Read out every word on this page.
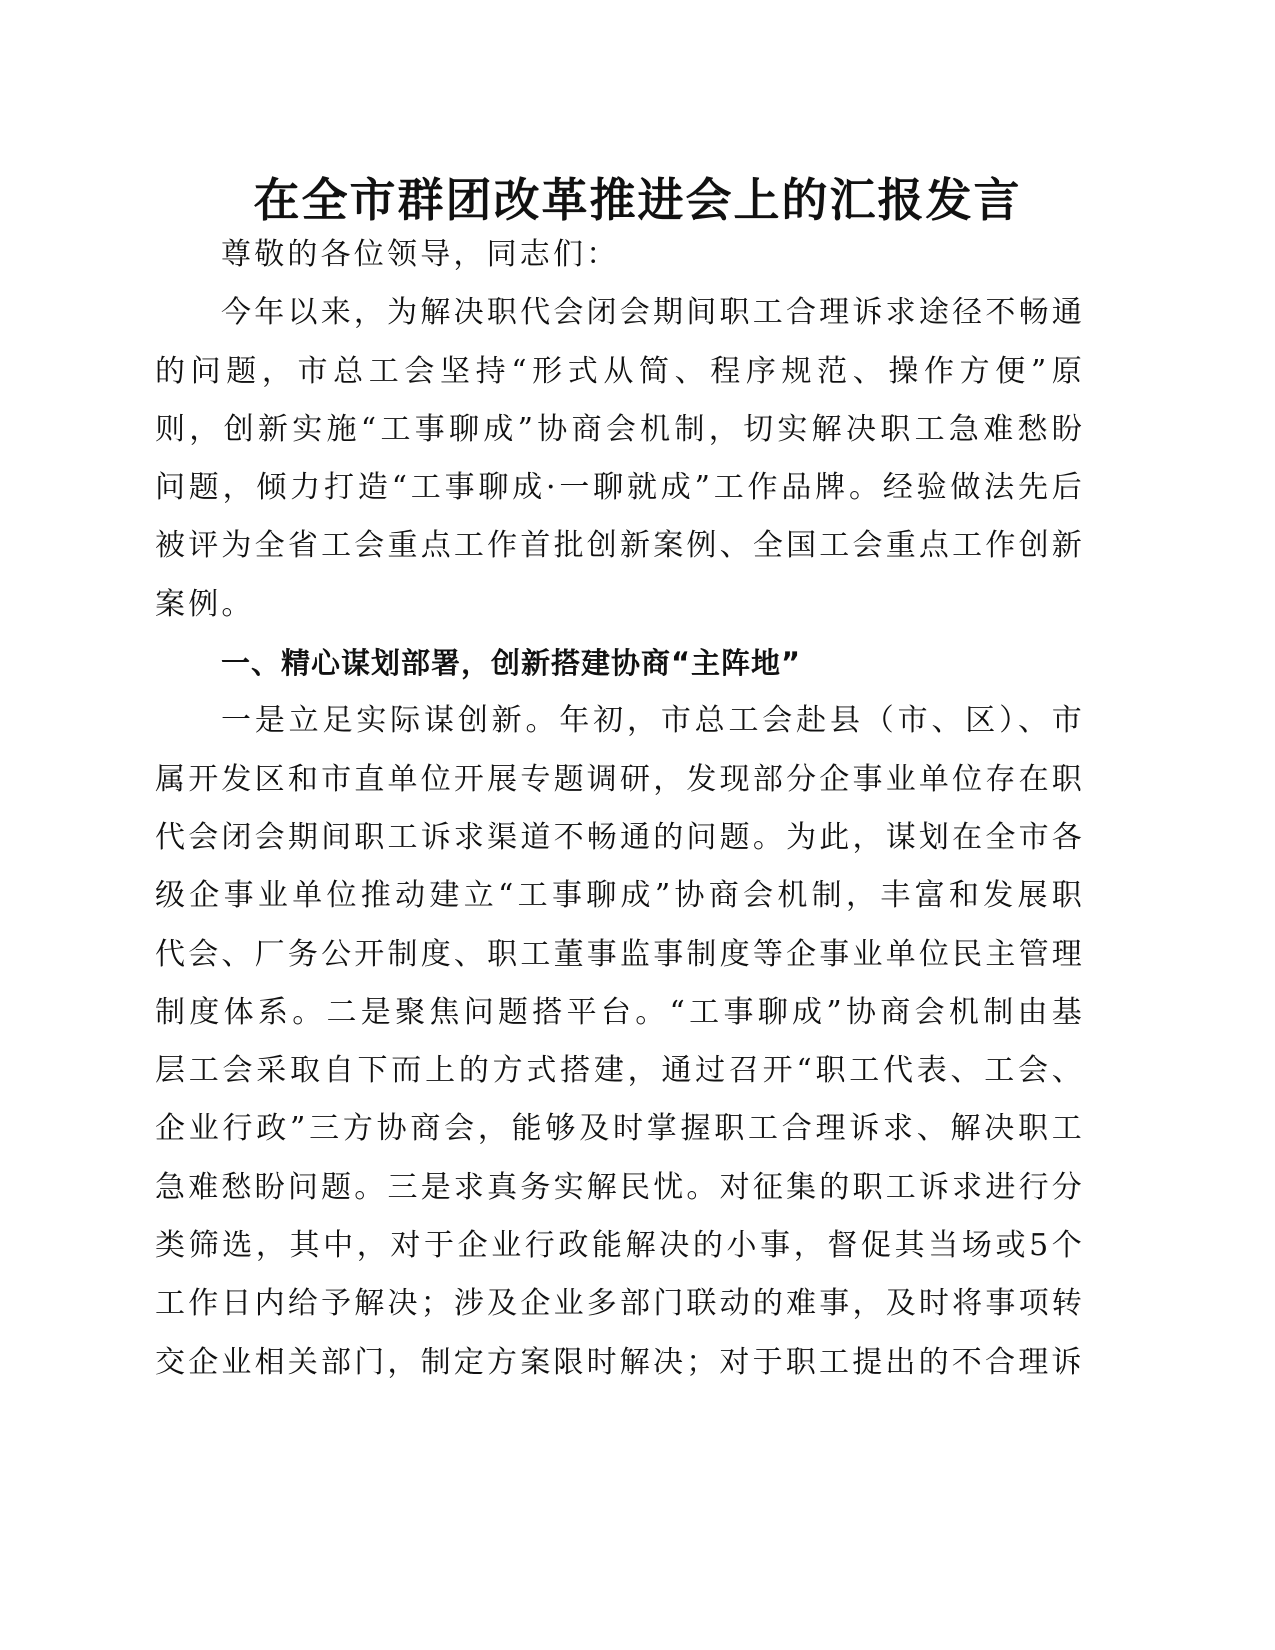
在全市群团改革推进会上的汇报发言

尊敬的各位领导，同志们：

今年以来，为解决职代会闭会期间职工合理诉求途径不畅通的问题，市总工会坚持“形式从简、程序规范、操作方便”原则，创新实施“工事聊成”协商会机制，切实解决职工急难愁盼问题，倾力打造“工事聊成·一聊就成”工作品牌。经验做法先后被评为全省工会重点工作首批创新案例、全国工会重点工作创新案例。

一、精心谋划部署，创新搭建协商“主阵地”

一是立足实际谋创新。年初，市总工会赴县（市、区）、市属开发区和市直单位开展专题调研，发现部分企事业单位存在职代会闭会期间职工诉求渠道不畅通的问题。为此，谋划在全市各级企事业单位推动建立“工事聊成”协商会机制，丰富和发展职代会、厂务公开制度、职工董事监事制度等企事业单位民主管理制度体系。二是聚焦问题搭平台。“工事聊成”协商会机制由基层工会采取自下而上的方式搭建，通过召开“职工代表、工会、企业行政”三方协商会，能够及时掌握职工合理诉求、解决职工急难愁盼问题。三是求真务实解民忧。对征集的职工诉求进行分类筛选，其中，对于企业行政能解决的小事，督促其当场或5个工作日内给予解决；涉及企业多部门联动的难事，及时将事项转交企业相关部门，制定方案限时解决；对于职工提出的不合理诉
